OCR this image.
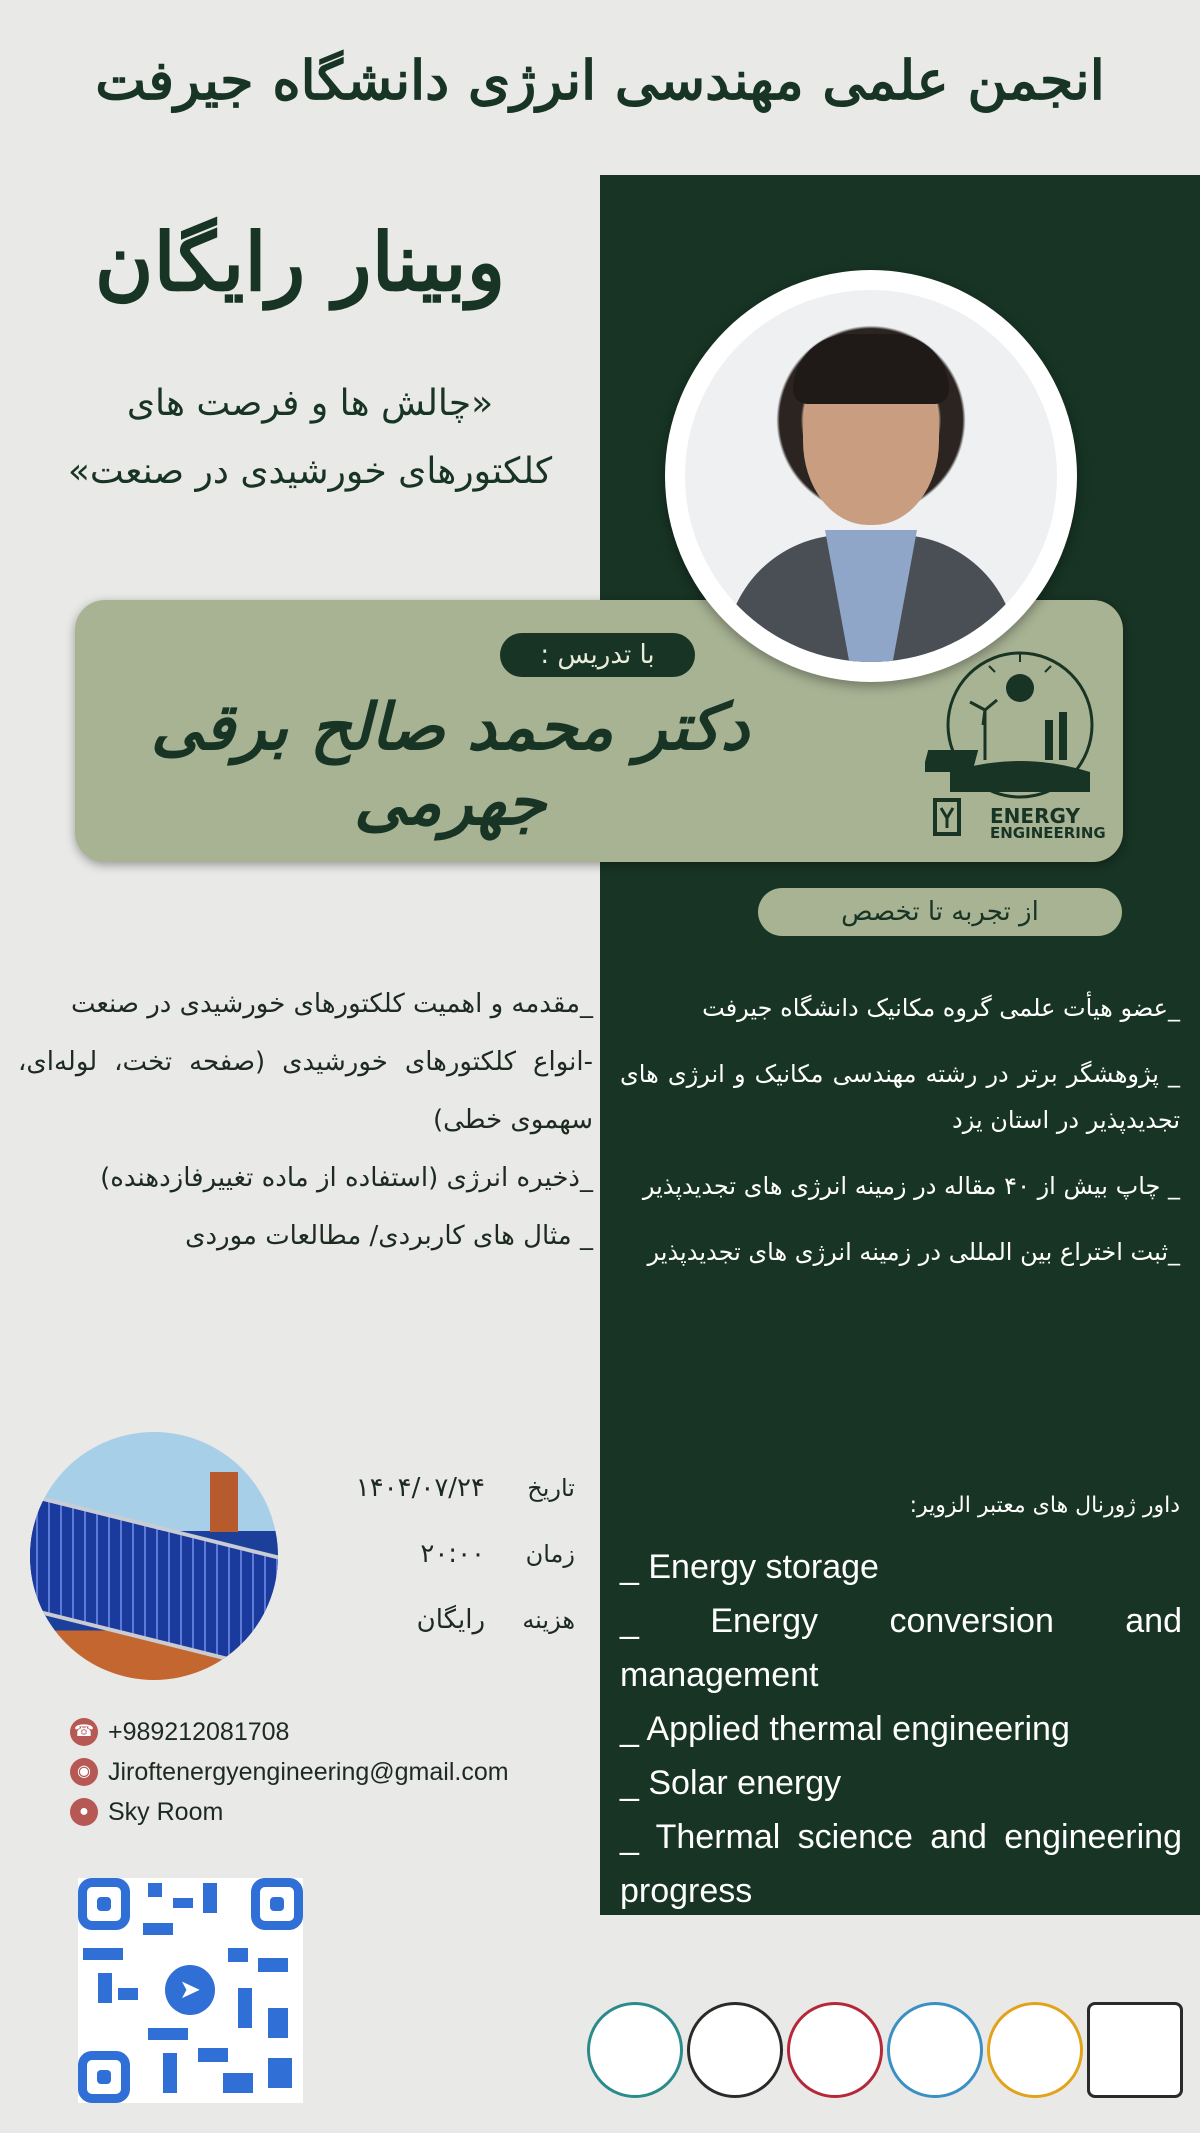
انجمن علمی مهندسی انرژی دانشگاه جیرفت
وبینار رایگان
«چالش ها و فرصت های
کلکتورهای خورشیدی در صنعت»
با تدریس :
دکتر محمد صالح برقی جهرمی	ENERGY
ENGINEERING
از تجربه تا تخصص

_عضو هیأت علمی گروه مکانیک دانشگاه جیرفت

_ پژوهشگر برتر در رشته مهندسی مکانیک و انرژی های تجدیدپذیر در استان یزد

_ چاپ بیش از ۴۰ مقاله در زمینه انرژی های تجدیدپذیر

_ثبت اختراع بین المللی در زمینه انرژی های تجدیدپذیر

_مقدمه و اهمیت کلکتورهای خورشیدی در صنعت

-انواع کلکتورهای خورشیدی (صفحه تخت، لوله‌ای، سهموی خطی)

_ذخیره انرژی (استفاده از ماده تغییرفازدهنده)

_ مثال های کاربردی/ مطالعات موردی

تاریخ
۱۴۰۴/۰۷/۲۴
زمان
۲۰:۰۰
هزینه
رایگان
☎ +989212081708
◉ Jiroftenergyengineering@gmail.com
● Sky Room
➤
داور ژورنال های معتبر الزویر:

_ Energy storage

_ Energy conversion and management

_ Applied thermal engineering

_ Solar energy

_ Thermal science and engineering progress
